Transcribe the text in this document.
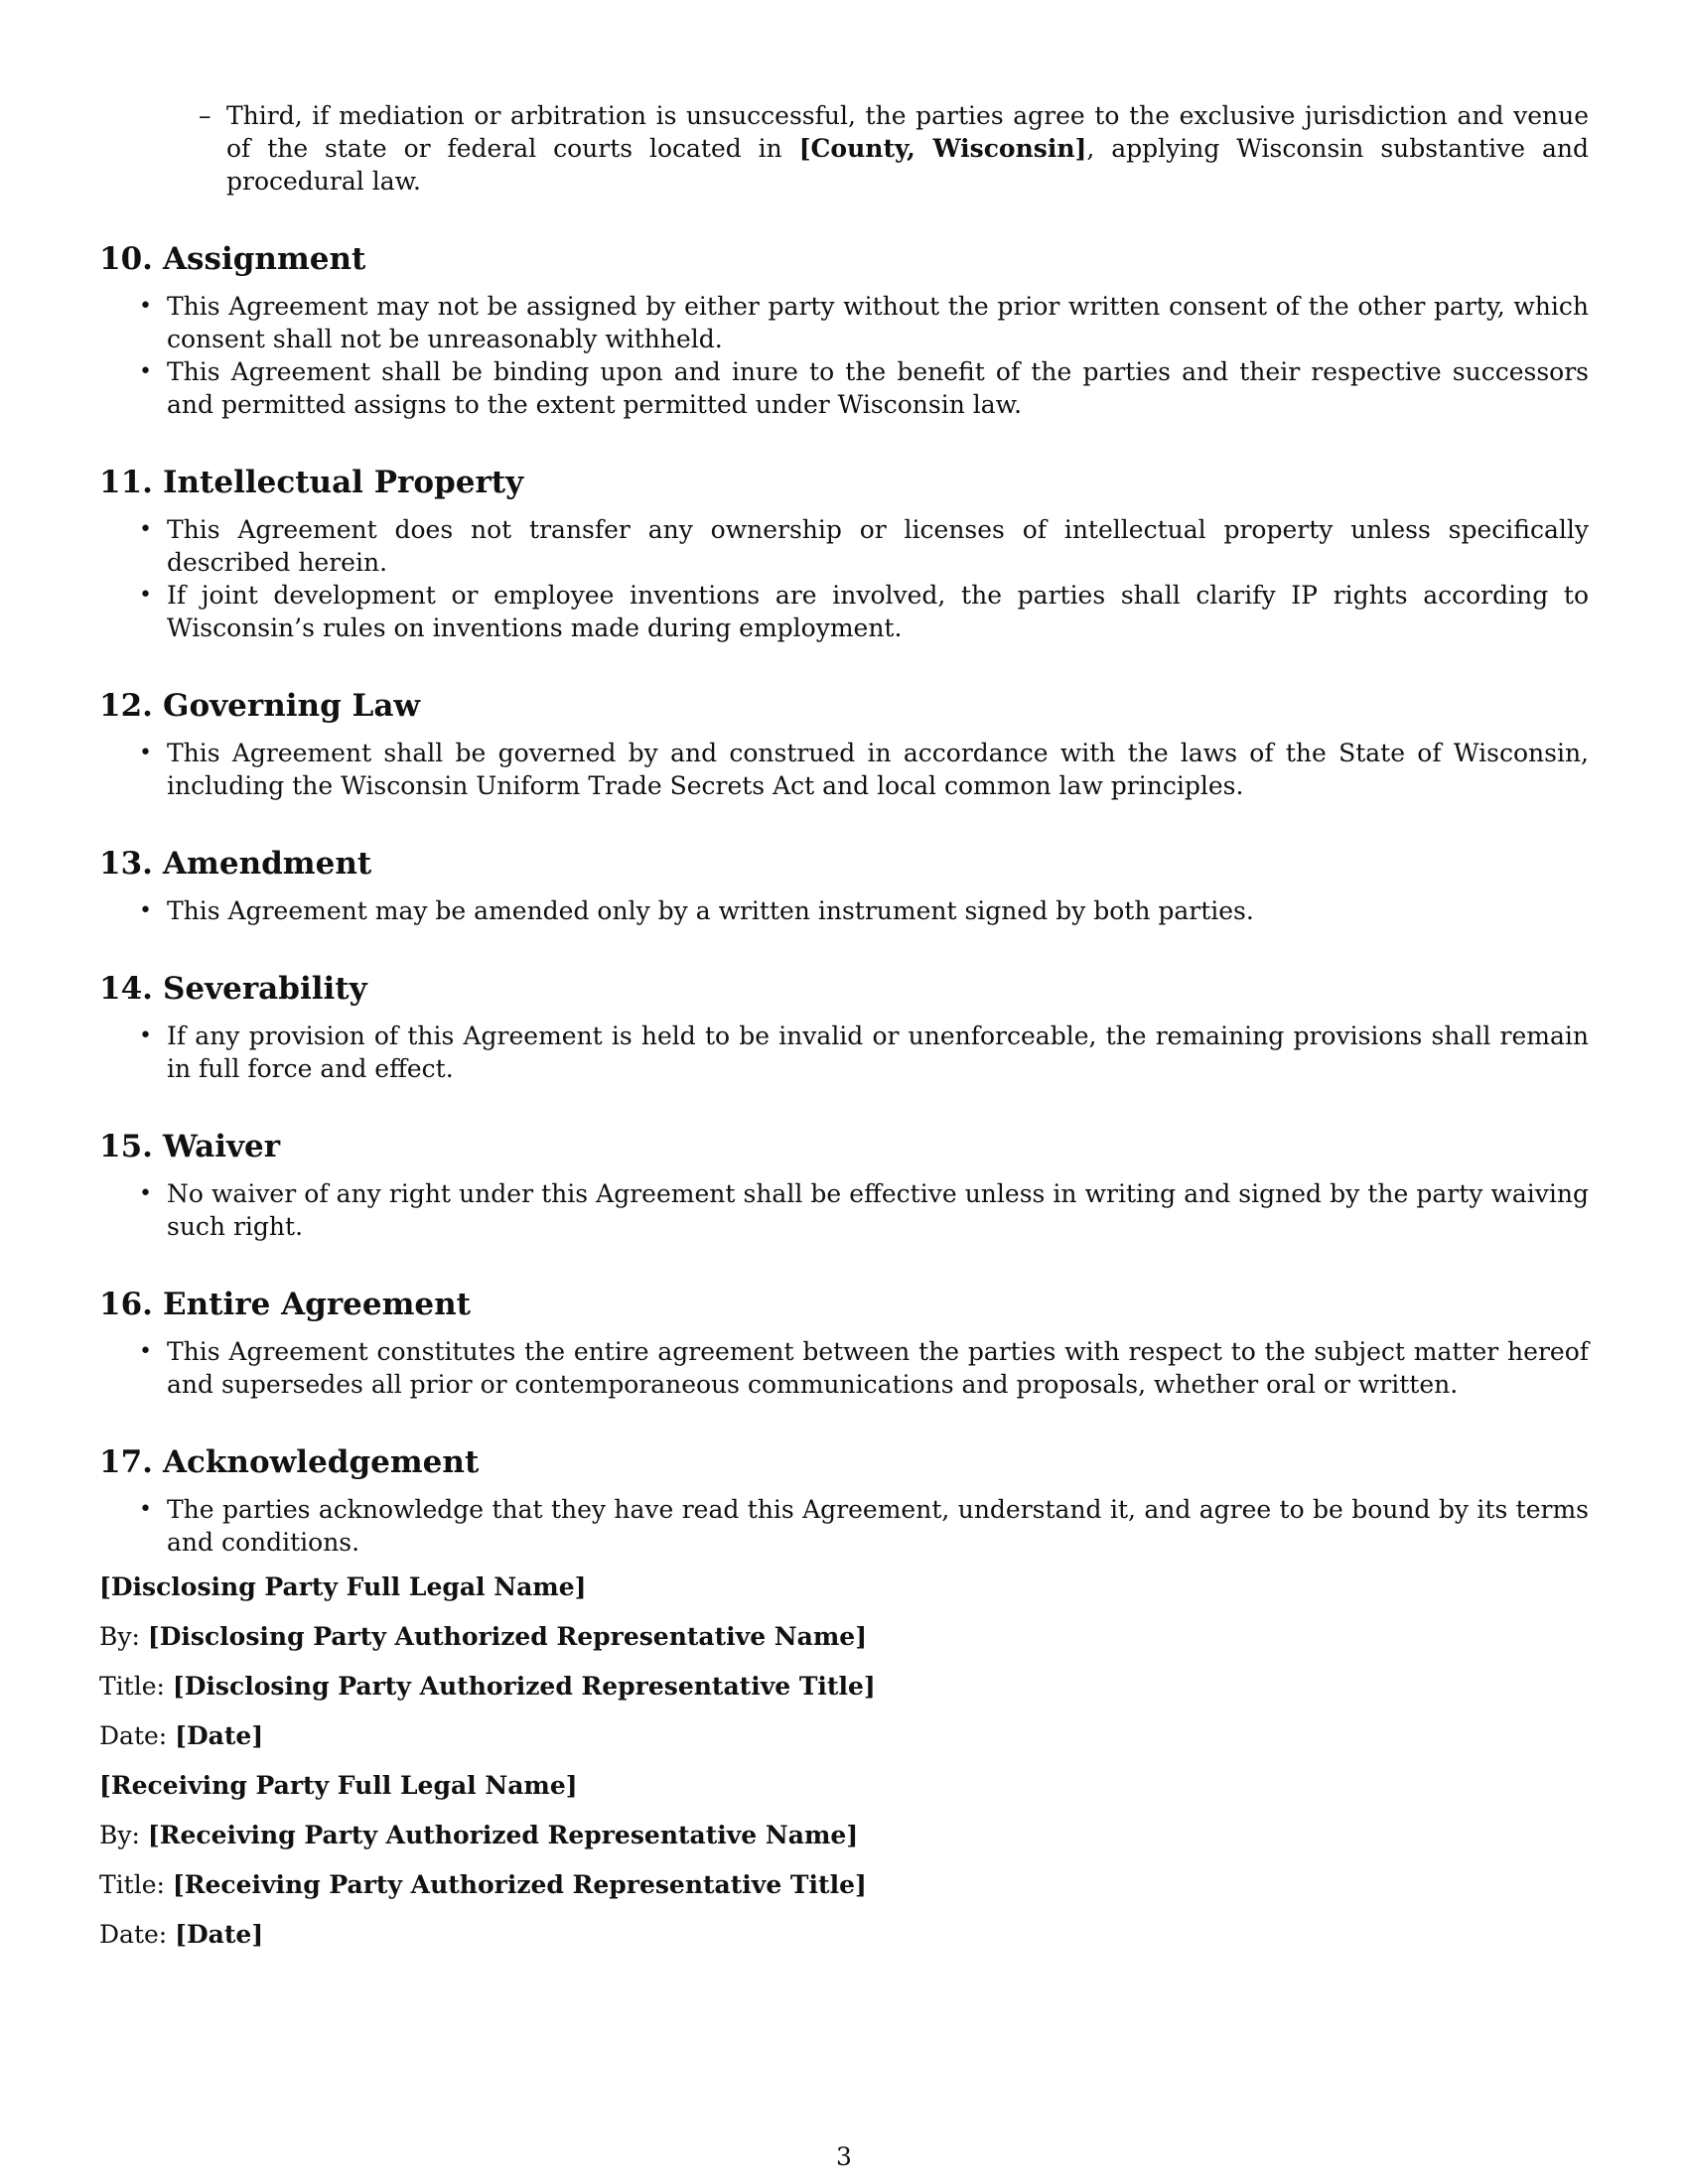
– Third, if mediation or arbitration is unsuccessful, the parties agree to the exclusive jurisdiction and venue of the state or federal courts located in [County, Wisconsin], applying Wisconsin substantive and procedural law.
10. Assignment
• This Agreement may not be assigned by either party without the prior written consent of the other party, which consent shall not be unreasonably withheld.
• This Agreement shall be binding upon and inure to the benefit of the parties and their respective successors and permitted assigns to the extent permitted under Wisconsin law.
11. Intellectual Property
• This Agreement does not transfer any ownership or licenses of intellectual property unless specifically described herein.
• If joint development or employee inventions are involved, the parties shall clarify IP rights according to Wisconsin’s rules on inventions made during employment.
12. Governing Law
• This Agreement shall be governed by and construed in accordance with the laws of the State of Wisconsin, including the Wisconsin Uniform Trade Secrets Act and local common law principles.
13. Amendment
• This Agreement may be amended only by a written instrument signed by both parties.
14. Severability
• If any provision of this Agreement is held to be invalid or unenforceable, the remaining provisions shall remain in full force and effect.
15. Waiver
• No waiver of any right under this Agreement shall be effective unless in writing and signed by the party waiving such right.
16. Entire Agreement
• This Agreement constitutes the entire agreement between the parties with respect to the subject matter hereof and supersedes all prior or contemporaneous communications and proposals, whether oral or written.
17. Acknowledgement
• The parties acknowledge that they have read this Agreement, understand it, and agree to be bound by its terms and conditions.
[Disclosing Party Full Legal Name]
By: [Disclosing Party Authorized Representative Name]
Title: [Disclosing Party Authorized Representative Title]
Date: [Date]
[Receiving Party Full Legal Name]
By: [Receiving Party Authorized Representative Name]
Title: [Receiving Party Authorized Representative Title]
Date: [Date]
3
